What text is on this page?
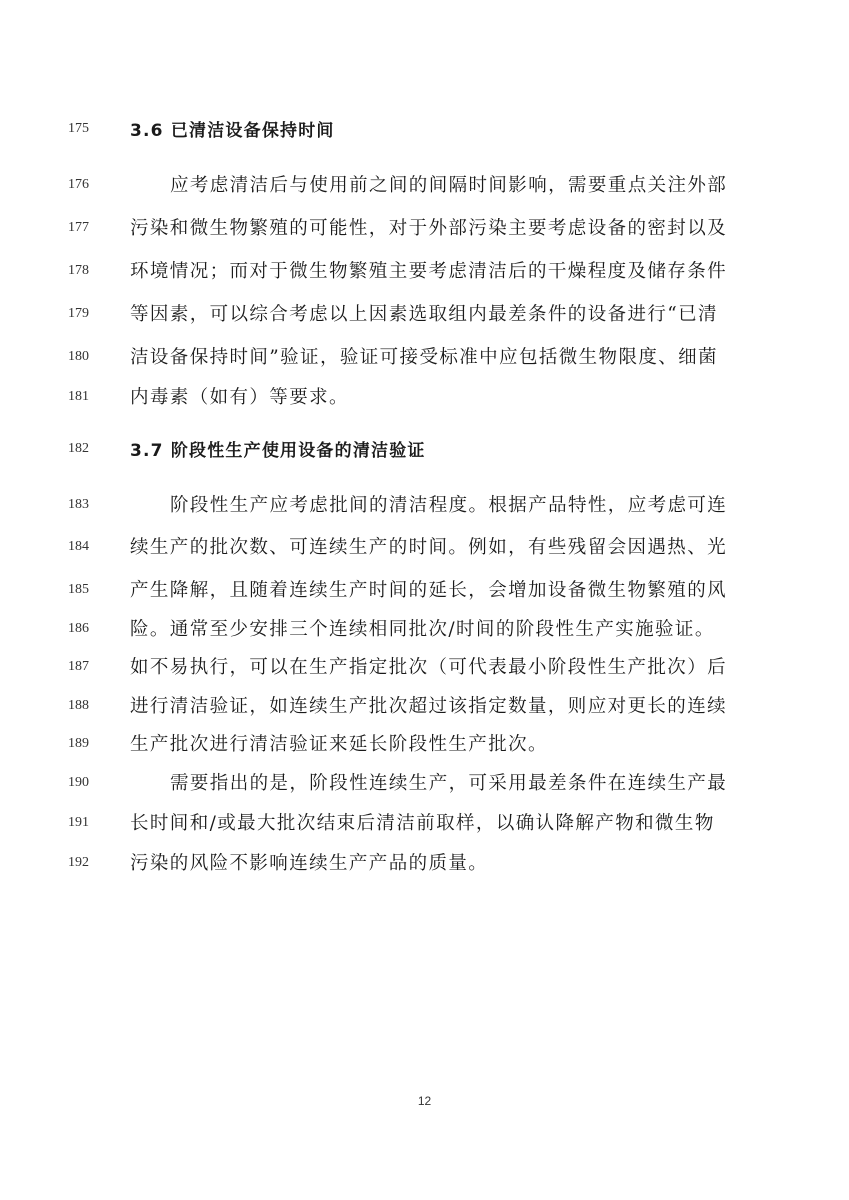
175 3.6 已清洁设备保持时间
176	应考虑清洁后与使用前之间的间隔时间影响，需要重点关注外部
177 污染和微生物繁殖的可能性，对于外部污染主要考虑设备的密封以及
178 环境情况；而对于微生物繁殖主要考虑清洁后的干燥程度及储存条件
179 等因素，可以综合考虑以上因素选取组内最差条件的设备进行“已清
180 洁设备保持时间”验证，验证可接受标准中应包括微生物限度、细菌
181 内毒素（如有）等要求。
182 3.7 阶段性生产使用设备的清洁验证
183	阶段性生产应考虑批间的清洁程度。根据产品特性，应考虑可连
184 续生产的批次数、可连续生产的时间。例如，有些残留会因遇热、光
185 产生降解，且随着连续生产时间的延长，会增加设备微生物繁殖的风
186 险。通常至少安排三个连续相同批次/时间的阶段性生产实施验证。
187 如不易执行，可以在生产指定批次（可代表最小阶段性生产批次）后
188 进行清洁验证，如连续生产批次超过该指定数量，则应对更长的连续
189 生产批次进行清洁验证来延长阶段性生产批次。
190	需要指出的是，阶段性连续生产，可采用最差条件在连续生产最
191 长时间和/或最大批次结束后清洁前取样，以确认降解产物和微生物
192 污染的风险不影响连续生产产品的质量。
12
